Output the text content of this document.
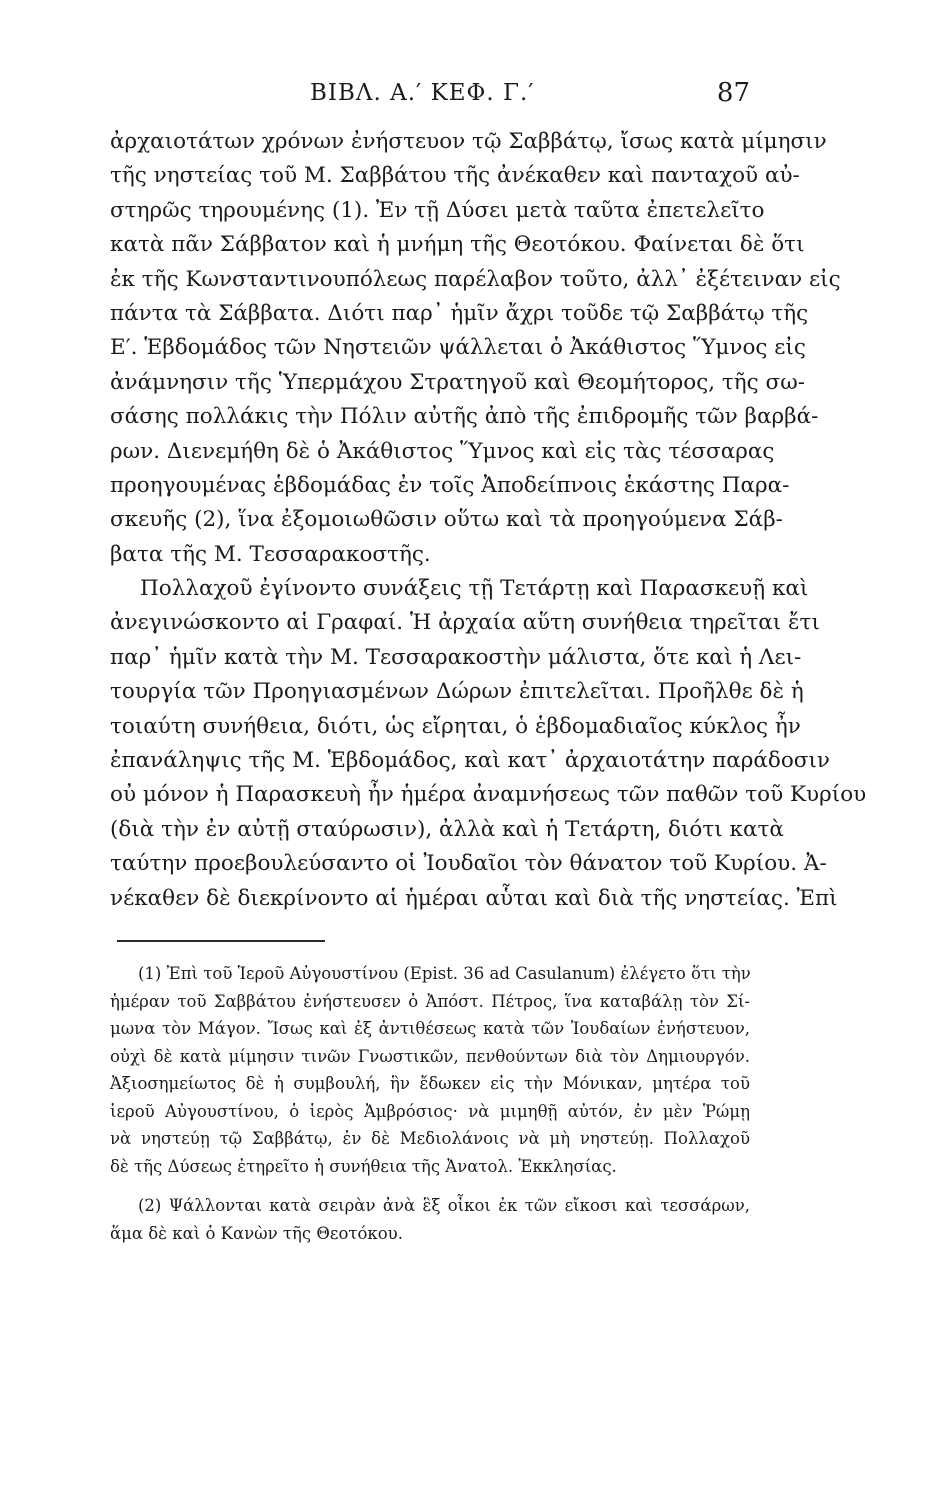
BIBΛ. Α.′ ΚΕΦ. Γ.′	87
ἀρχαιοτάτων χρόνων ἐνήστευον τῷ Σαββάτῳ, ἴσως κατὰ μίμησιν
τῆς νηστείας τοῦ Μ. Σαββάτου τῆς ἀνέκαθεν καὶ πανταχοῦ αὐ-
στηρῶς τηρουμένης (1). Ἐν τῇ Δύσει μετὰ ταῦτα ἐπετελεῖτο
κατὰ πᾶν Σάββατον καὶ ἡ μνήμη τῆς Θεοτόκου. Φαίνεται δὲ ὅτι
ἐκ τῆς Κωνσταντινουπόλεως παρέλαβον τοῦτο, ἀλλ᾽ ἐξέτειναν εἰς
πάντα τὰ Σάββατα. Διότι παρ᾽ ἡμῖν ἄχρι τοῦδε τῷ Σαββάτῳ τῆς
Ε′. Ἑβδομάδος τῶν Νηστειῶν ψάλλεται ὁ Ἀκάθιστος Ὕμνος εἰς
ἀνάμνησιν τῆς Ὑπερμάχου Στρατηγοῦ καὶ Θεομήτορος, τῆς σω-
σάσης πολλάκις τὴν Πόλιν αὐτῆς ἀπὸ τῆς ἐπιδρομῆς τῶν βαρβά-
ρων. Διενεμήθη δὲ ὁ Ἀκάθιστος Ὕμνος καὶ εἰς τὰς τέσσαρας
προηγουμένας ἑβδομάδας ἐν τοῖς Ἀποδείπνοις ἑκάστης Παρα-
σκευῆς (2), ἵνα ἐξομοιωθῶσιν οὕτω καὶ τὰ προηγούμενα Σάβ-
βατα τῆς Μ. Τεσσαρακοστῆς.
Πολλαχοῦ ἐγίνοντο συνάξεις τῇ Τετάρτῃ καὶ Παρασκευῇ καὶ
ἀνεγινώσκοντο αἱ Γραφαί. Ἡ ἀρχαία αὕτη συνήθεια τηρεῖται ἔτι
παρ᾽ ἡμῖν κατὰ τὴν Μ. Τεσσαρακοστὴν μάλιστα, ὅτε καὶ ἡ Λει-
τουργία τῶν Προηγιασμένων Δώρων ἐπιτελεῖται. Προῆλθε δὲ ἡ
τοιαύτη συνήθεια, διότι, ὡς εἴρηται, ὁ ἑβδομαδιαῖος κύκλος ἦν
ἐπανάληψις τῆς Μ. Ἑβδομάδος, καὶ κατ᾽ ἀρχαιοτάτην παράδοσιν
οὐ μόνον ἡ Παρασκευὴ ἦν ἡμέρα ἀναμνήσεως τῶν παθῶν τοῦ Κυρίου
(διὰ τὴν ἐν αὐτῇ σταύρωσιν), ἀλλὰ καὶ ἡ Τετάρτη, διότι κατὰ
ταύτην προεβουλεύσαντο οἱ Ἰουδαῖοι τὸν θάνατον τοῦ Κυρίου. Ἀ-
νέκαθεν δὲ διεκρίνοντο αἱ ἡμέραι αὗται καὶ διὰ τῆς νηστείας. Ἐπὶ
(1) Ἐπὶ τοῦ Ἱεροῦ Αὐγουστίνου (Epist. 36 ad Casulanum) ἐλέγετο ὅτι τὴν
ἡμέραν τοῦ Σαββάτου ἐνήστευσεν ὁ Ἀπόστ. Πέτρος, ἵνα καταβάλῃ τὸν Σί-
μωνα τὸν Μάγον. Ἴσως καὶ ἐξ ἀντιθέσεως κατὰ τῶν Ἰουδαίων ἐνήστευον,
οὐχὶ δὲ κατὰ μίμησιν τινῶν Γνωστικῶν, πενθούντων διὰ τὸν Δημιουργόν.
Ἀξιοσημείωτος δὲ ἡ συμβουλή, ἣν ἔδωκεν εἰς τὴν Μόνικαν, μητέρα τοῦ
ἱεροῦ Αὐγουστίνου, ὁ ἱερὸς Ἀμβρόσιος· νὰ μιμηθῇ αὐτόν, ἐν μὲν Ῥώμῃ
νὰ νηστεύῃ τῷ Σαββάτῳ, ἐν δὲ Μεδιολάνοις νὰ μὴ νηστεύῃ. Πολλαχοῦ
δὲ τῆς Δύσεως ἐτηρεῖτο ἡ συνήθεια τῆς Ἀνατολ. Ἐκκλησίας.
(2) Ψάλλονται κατὰ σειρὰν ἀνὰ ἓξ οἶκοι ἐκ τῶν εἴκοσι καὶ τεσσάρων,
ἅμα δὲ καὶ ὁ Κανὼν τῆς Θεοτόκου.
